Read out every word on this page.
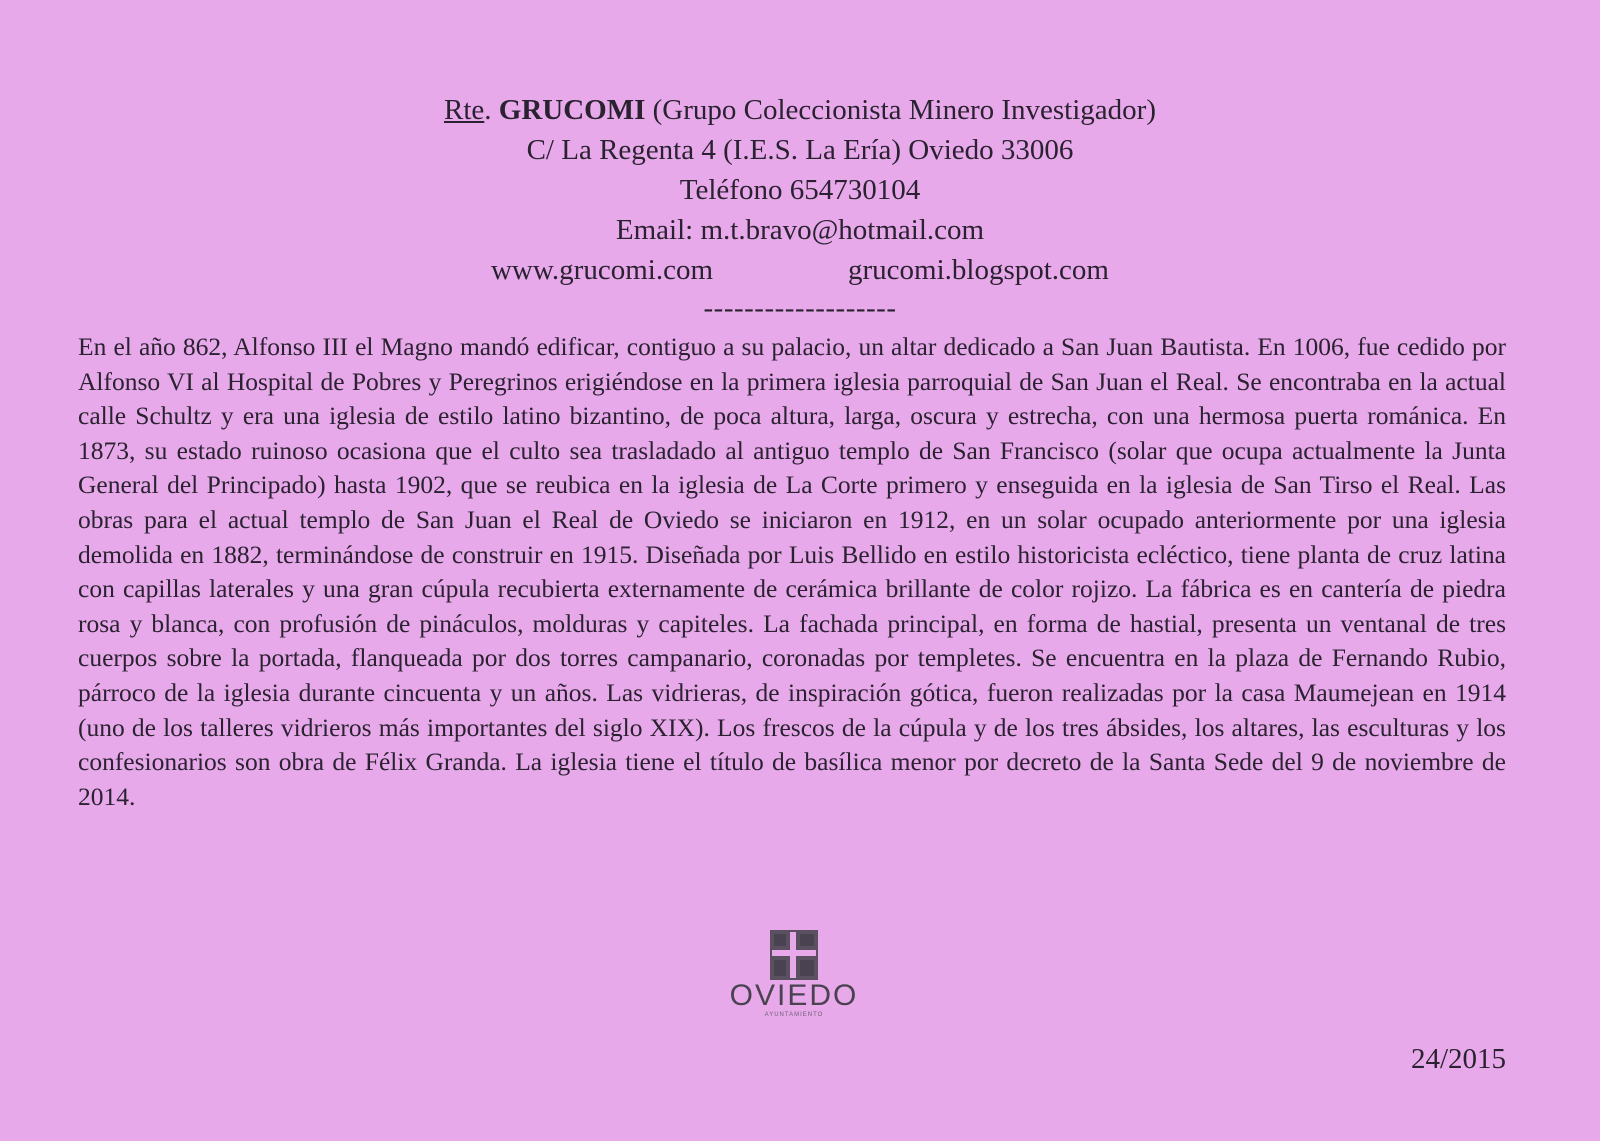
Rte. GRUCOMI (Grupo Coleccionista Minero Investigador)
C/ La Regenta 4 (I.E.S. La Ería) Oviedo 33006
Teléfono 654730104
Email: m.t.bravo@hotmail.com
www.grucomi.com	grucomi.blogspot.com
-------------------
En el año 862, Alfonso III el Magno mandó edificar, contiguo a su palacio, un altar dedicado a San Juan Bautista. En 1006, fue cedido por Alfonso VI al Hospital de Pobres y Peregrinos erigiéndose en la primera iglesia parroquial de San Juan el Real. Se encontraba en la actual calle Schultz y era una iglesia de estilo latino bizantino, de poca altura, larga, oscura y estrecha, con una hermosa puerta románica. En 1873, su estado ruinoso ocasiona que el culto sea trasladado al antiguo templo de San Francisco (solar que ocupa actualmente la Junta General del Principado) hasta 1902, que se reubica en la iglesia de La Corte primero y enseguida en la iglesia de San Tirso el Real. Las obras para el actual templo de San Juan el Real de Oviedo se iniciaron en 1912, en un solar ocupado anteriormente por una iglesia demolida en 1882, terminándose de construir en 1915. Diseñada por Luis Bellido en estilo historicista ecléctico, tiene planta de cruz latina con capillas laterales y una gran cúpula recubierta externamente de cerámica brillante de color rojizo. La fábrica es en cantería de piedra rosa y blanca, con profusión de pináculos, molduras y capiteles. La fachada principal, en forma de hastial, presenta un ventanal de tres cuerpos sobre la portada, flanqueada por dos torres campanario, coronadas por templetes. Se encuentra en la plaza de Fernando Rubio, párroco de la iglesia durante cincuenta y un años. Las vidrieras, de inspiración gótica, fueron realizadas por la casa Maumejean en 1914 (uno de los talleres vidrieros más importantes del siglo XIX). Los frescos de la cúpula y de los tres ábsides, los altares, las esculturas y los confesionarios son obra de Félix Granda. La iglesia tiene el título de basílica menor por decreto de la Santa Sede del 9 de noviembre de 2014.
OVIEDO
AYUNTAMIENTO
24/2015
